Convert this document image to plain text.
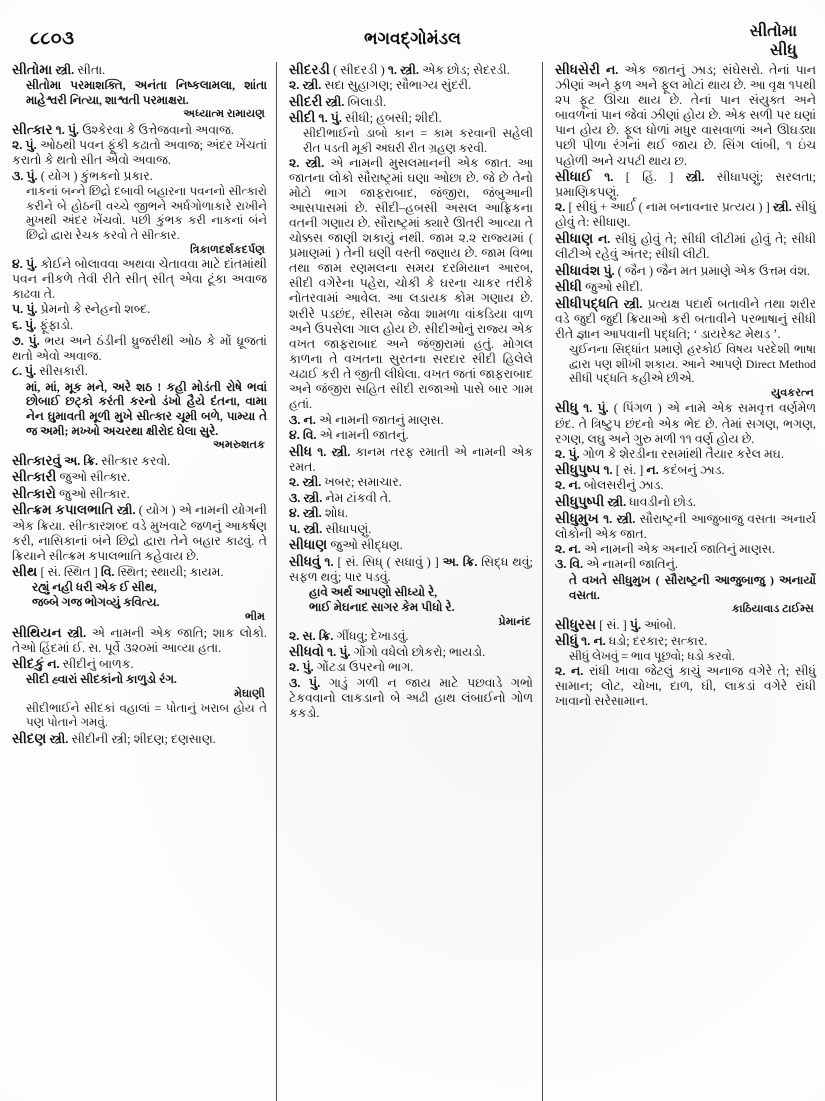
૮૮૦૩	ભગવદ્ગોમંડલ	સીતોમા
સીધુ
સીતોમા સ્ત્રી. સીતા.
સીતોમા પરમાશક્તિ, અનંતા નિષ્કલામલા, શાંતા માહેશ્વરી નિત્યા, શાશ્વતી પરમાક્ષરા.
અધ્યાત્મ રામાયણ
સીત્કાર ૧. પું. ઉશ્કેરવા કે ઉત્તેજવાનો અવાજ.
૨. પું. ઓઠથી પવન ફૂંકી કઢાતો અવાજ; અંદર ખેંચતાં કરાતો કે થતો સીત એવો અવાજ.
૩. પું. ( યોગ ) કુંભકનો પ્રકાર.
નાકનાં બન્ને છિદ્રો દબાવી બહારના પવનનો સીત્કારો કરીને બે હોઠની વચ્ચે જીભને અર્ધગોળાકારે રાખીને મુખથી અંદર ખેંચવો. પછી કુંભક કરી નાકનાં બંને છિદ્રો દ્વારા રેચક કરવો તે સીત્કાર.
ત્રિકાળદર્શકદર્પણ
૪. પું. કોઈને બોલાવવા અથવા ચેતાવવા માટે દાંતમાંથી પવન નીકળે તેવી રીતે સીત્ સીત્ એવા ટૂંકા અવાજ કાઢવા તે.
૫. પું. પ્રેમનો કે સ્નેહનો શબ્દ.
૬. પું. ફૂંફાડો.
૭. પું. ભય અને ઠંડીની ધ્રુજરીથી ઓઠ કે મોં ધ્રૂજતાં થતો એવો અવાજ.
૮. પું. સીસકારી.
માં, માં, મૂક મને, અરે શઠ ! કહી મોડંતી રોષે ભવાં છોબાઈ છટ્કો કરંતી કરનો ડંખો હૈયે દંતના, વામા નેન ઘુમાવતી મૂળી મુખે સીત્કાર ચૂમી બળે, પામ્યા તે જ અમી; મખ્ખો અચરથા ક્ષીરોદ ઘેલા સુરે.
અમરુશતક
સીત્કારવું અ. ક્રિ. સીત્કાર કરવો.
સીત્કારી જુઓ સીત્કાર.
સીત્કારો જુઓ સીત્કાર.
સીત્ક્રમ કપાલભાતિ સ્ત્રી. ( યોગ ) એ નામની યોગની એક ક્રિયા. સીત્કારશબ્દ વડે મુખવાટે જળનું આકર્ષણ કરી, નાસિકાનાં બંને છિદ્રો દ્વારા તેને બહાર કાઢવું. તે ક્રિયાને સીત્ક્રમ કપાલભાતિ કહેવાય છે.
સીથ [ સં. સ્થિત ] વિ. સ્થિત; સ્થાયી; કાયમ.
રહ્યું નહી ધરી એક ઈ સીથ,
જબ્બે ગજ ભોગવ્યું કવિત્ય.
ભીમ
સીથિયન સ્ત્રી. એ નામની એક જાતિ; શાક લોકો. તેઓ હિંદમાં ઈ. સ. પૂર્વે ૩૨૦માં આવ્યા હતા.
સીદકું ન. સીદીનું બાળક.
સીદી હ્વારાં સીદકાંનો કાળુડો રંગ.
મેઘાણી
સીદીભાઈને સીદકાં વહાલાં = પોતાનું ખરાબ હોય તે પણ પોતાને ગમવું.
સીદણ સ્ત્રી. સીદીની સ્ત્રી; શીદણ; દણસાણ.
સીદરડી ( સીદરડી ) ૧. સ્ત્રી. એક છોડ; સેદરડી.
૨. સ્ત્રી. સદા સુહાગણ; સૌભાગ્ય સુંદરી.
સીદરી સ્ત્રી. બિલાડી.
સીદી ૧. પું. સીધી; હબસી; શીદી.
સીદીભાઈનો ડાબો કાન = કામ કરવાની સહેલી રીત પડતી મૂકી અઘરી રીત ગ્રહણ કરવી.
૨. સ્ત્રી. એ નામની મુસલમાનની એક જાત. આ જાતના લોકો સૌરાષ્ટ્રમાં ઘણા ઓછા છે. જે છે તેનો મોટો ભાગ જાફરાબાદ, જંજીરા, જંબુઆની આસપાસમાં છે. સીદી–હબસી અસલ આફ્રિકના વતની ગણાય છે. સૌરાષ્ટ્રમાં ક્યારે ઊતરી આવ્યા તે ચોક્કસ જાણી શકાયું નથી. જામ ૨.૨ રાજ્યમાં ( પ્રમાણમાં ) તેની ઘણી વસ્તી જણાય છે. જામ વિભા તથા જામ રણમલના સમય દરમિયાન આરબ, સીદી વગેરેના પહેરા, ચોકી કે ઘરના ચાકર તરીકે નોતરવામાં આવેલ. આ લડાયક કોમ ગણાય છે. શરીરે પડછંદ, સીસમ જેવા શામળા વાંકડિયા વાળ અને ઉપસેલા ગાલ હોય છે. સીદીઓનું રાજ્ય એક વખત જાફરાબાદ અને જંજીરામાં હતું. મોગલ કાળના તે વખતના સુરતના સરદાર સીદી હિલેલે ચઢાઈ કરી તે જીતી લીધેલા. વખત જતાં જાફરાબાદ અને જંજીરા સહિત સીદી રાજાઓ પાસે બાર ગામ હતાં.
૩. ન. એ નામની જાતનું માણસ.
૪. વિ. એ નામની જાતનું.
સીધ ૧. સ્ત્રી. કાનમ તરફ રમાતી એ નામની એક રમત.
૨. સ્ત્રી. ખબર; સમાચાર.
૩. સ્ત્રી. નેમ ટાંકવી તે.
૪. સ્ત્રી. શોધ.
૫. સ્ત્રી. સીધાપણું.
સીધાણ જુઓ સીદ્ધણ.
સીધવું ૧. [ સં. સિધ્ ( સધાવું ) ] અ. ક્રિ. સિદ્ધ થવું; સફળ થવું; પાર પડવું.
હાવે અર્થ આપણો સીધ્યો રે,
ભાઈ મેઘનાદ સાગર કેમ પીધો રે.
પ્રેમાનંદ
૨. સ. ક્રિ. ગીંધવુ; દેખાડવું.
સીધવો ૧. પું. ગોંગો વધેલો છોકરો; ભાયડો.
૨. પું. ગોંટડા ઉપરનો ભાગ.
૩. પું. ગાડું ગળી ન જાય માટે પછવાડે ગભો ટેકવવાનો લાકડાનો બે અઢી હાથ લંબાઈનો ગોળ કકડો.
સીધસેરી ન. એક જાતનું ઝાડ; સંઘેસરો. તેનાં પાન ઝીણાં અને ફળ અને ફૂલ મોટાં થાય છે. આ વૃક્ષ ૧૫થી ૨૫ ફૂટ ઊંચા થાય છે. તેનાં પાન સંયુક્ત અને બાવળનાં પાન જેવાં ઝીણાં હોય છે. એક સળી પર ઘણાં પાન હોય છે. ફૂલ ધોળાં મધુર વાસવાળાં અને ઊઘડ્યા પછી પીળા રંગનાં થઈ જાય છે. સિંગ લાંબી, ૧ ઇંચ પહોળી અને ચપટી થાય છ.
સીધાઈ ૧. [ હિં. ] સ્ત્રી. સીધાપણું; સરલતા; પ્રમાણિકપણું.
૨. [ સીધું + આર્ઈ ( નામ બનાવનાર પ્રત્યય ) ] સ્ત્રી. સીધું હોવું તે: સીધાણ.
સીધાણ ન. સીધું હોવું તે; સીધી લીટીમાં હોવું તે; સીધી લીટીએ રહેવું અંતર; સીધી લીટી.
સીધાવંશ પું. ( જૈન ) જૈન મત પ્રમાણે એક ઉત્તમ વંશ.
સીધી જુઓ સીદી.
સીધીપદ્ધતિ સ્ત્રી. પ્રત્યક્ષ પદાર્થ બતાવીને તથા શરીર વડે જુદી જુદી ક્રિયાઓ કરી બતાવીને પરભાષાનું સીધી રીતે જ્ઞાન આપવાની પદ્ધતિ; ‘ ડાયરેક્ટ મેથડ ’.
ચુઈનના સિદ્ધાંત પ્રમાણે હરકોઈ વિષય પરદેશી ભાષા દ્વારા પણ શીખી શકાય. આને આપણે Direct Method સીધી પદ્ધતિ કહીએ છીએ.
યુવકરત્ન
સીધુ ૧. પું. ( પિંગળ ) એ નામે એક સમવૃત્ત વર્ણમેળ છંદ. તે ત્રિષ્ટુપ છંદનો એક ભેદ છે. તેમાં સગણ, ભગણ, રગણ, લઘુ અને ગુરુ મળી ૧૧ વર્ણ હોય છે.
૨. પું. ગોળ કે શેરડીના રસમાંથી તૈયાર કરેલ મઘ.
સીધુપુષ્પ ૧. [ સં. ] ન. કદંબનું ઝાડ.
૨. ન. બોલસરીનું ઝાડ.
સીધુપુષ્પી સ્ત્રી. ધાવડીનો છોડ.
સીધુમુખ ૧. સ્ત્રી. સૌરાષ્ટ્રની આજુબાજુ વસતા અનાર્ય લોકોની એક જાત.
૨. ન. એ નામની એક અનાર્ય જાતિનું માણસ.
૩. વિ. એ નામની જાતિનું.
તે વખતે સીધુમુખ ( સૌરાષ્ટ્રની આજુબાજુ ) અનાર્યો વસતા.
કાઠિયાવાડ ટાઈમ્સ
સીધુરસ [ સં. ] પું. આંબો.
સીધું ૧. ન. ધડો; દરકાર; સત્કાર.
સીધું લેખવું = ભાવ પૂછવો; ધડો કરવો.
૨. ન. રાંધી ખાવા જેટલું કાચું અનાજ વગેરે તે; સીધું સામાન; લોટ, ચોખા, દાળ, ઘી, લાકડાં વગેરે રાંધી ખાવાનો સરેસામાન.
